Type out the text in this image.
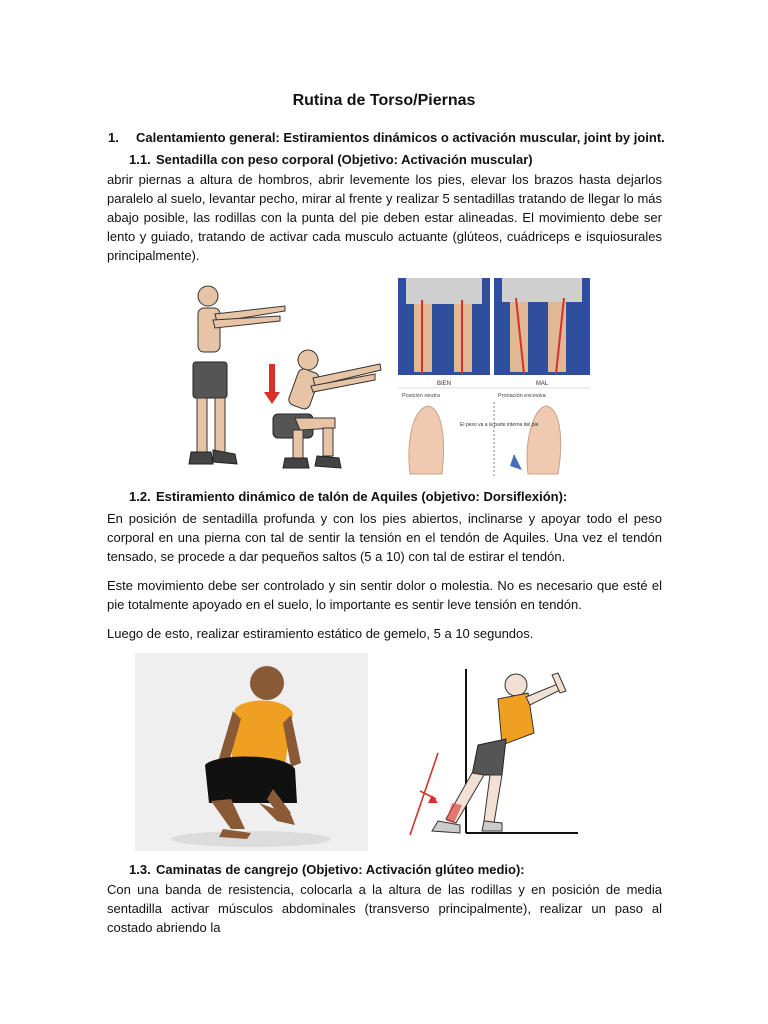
Rutina de Torso/Piernas
1. Calentamiento general: Estiramientos dinámicos o activación muscular, joint by joint.
1.1. Sentadilla con peso corporal (Objetivo: Activación muscular)
abrir piernas a altura de hombros, abrir levemente los pies, elevar los brazos hasta dejarlos paralelo al suelo, levantar pecho, mirar al frente y realizar 5 sentadillas tratando de llegar lo más abajo posible, las rodillas con la punta del pie deben estar alineadas. El movimiento debe ser lento y guiado, tratando de activar cada musculo actuante (glúteos, cuádriceps e isquiosurales principalmente).
BIEN	MAL
Posición neutra	Pronación excesiva
El peso va a la parte interna del pie
1.2. Estiramiento dinámico de talón de Aquiles (objetivo: Dorsiflexión):
En posición de sentadilla profunda y con los pies abiertos, inclinarse y apoyar todo el peso corporal en una pierna con tal de sentir la tensión en el tendón de Aquiles. Una vez el tendón tensado, se procede a dar pequeños saltos (5 a 10) con tal de estirar el tendón.
Este movimiento debe ser controlado y sin sentir dolor o molestia. No es necesario que esté el pie totalmente apoyado en el suelo, lo importante es sentir leve tensión en tendón.
Luego de esto, realizar estiramiento estático de gemelo, 5 a 10 segundos.
1.3. Caminatas de cangrejo (Objetivo: Activación glúteo medio):
Con una banda de resistencia, colocarla a la altura de las rodillas y en posición de media sentadilla activar músculos abdominales (transverso principalmente), realizar un paso al costado abriendo la
